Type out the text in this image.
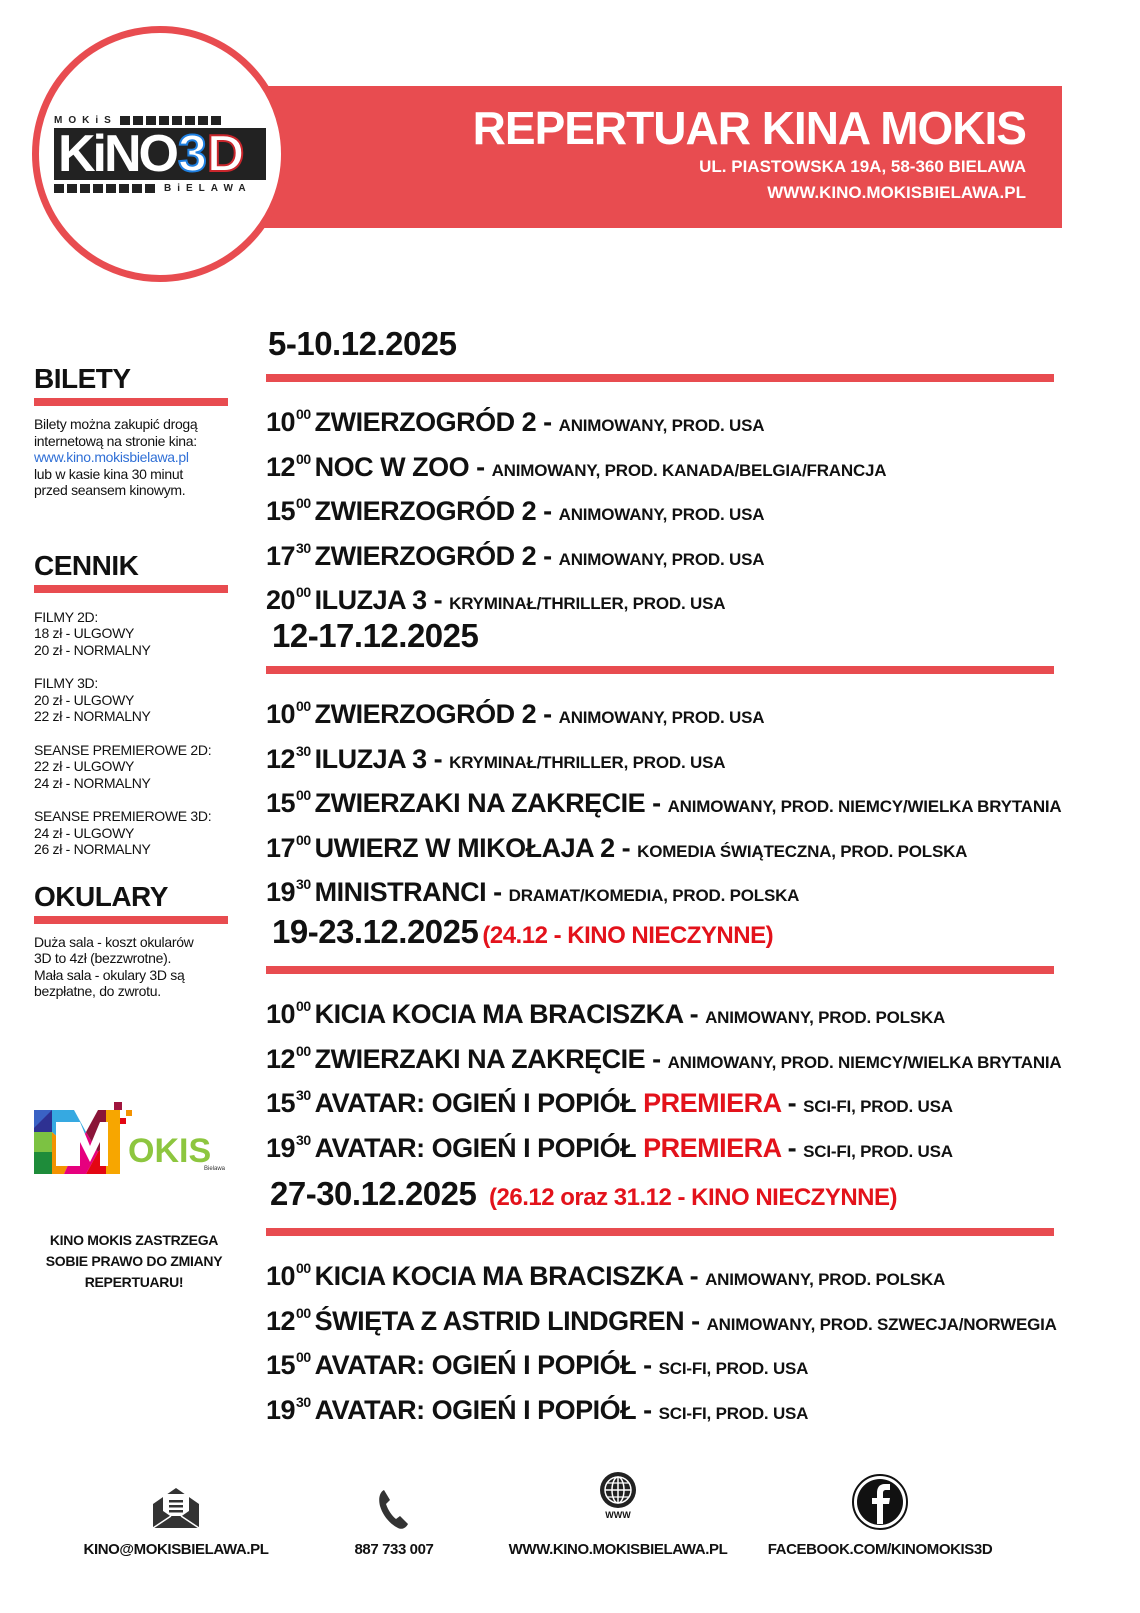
MOKiS
KiNO 3 D
BiELAWA
REPERTUAR KINA MOKIS
UL. PIASTOWSKA 19A, 58-360 BIELAWA
WWW.KINO.MOKISBIELAWA.PL
BILETY
Bilety można zakupić drogą
internetową na stronie kina:
www.kino.mokisbielawa.pl
lub w kasie kina 30 minut
przed seansem kinowym.
CENNIK
FILMY 2D:
18 zł - ULGOWY
20 zł - NORMALNY
FILMY 3D:
20 zł - ULGOWY
22 zł - NORMALNY
SEANSE PREMIEROWE 2D:
22 zł - ULGOWY
24 zł - NORMALNY
SEANSE PREMIEROWE 3D:
24 zł - ULGOWY
26 zł - NORMALNY
OKULARY
Duża sala - koszt okularów
3D to 4zł (bezzwrotne).
Mała sala - okulary 3D są
bezpłatne, do zwrotu.
OKIS
Bielawa
KINO MOKIS ZASTRZEGA
SOBIE PRAWO DO ZMIANY
REPERTUARU!
5-10.12.2025
$10^{00}$ ZWIERZOGRÓD 2 - ANIMOWANY, PROD. USA
$12^{00}$ NOC W ZOO - ANIMOWANY, PROD. KANADA/BELGIA/FRANCJA
$15^{00}$ ZWIERZOGRÓD 2 - ANIMOWANY, PROD. USA
$17^{30}$ ZWIERZOGRÓD 2 - ANIMOWANY, PROD. USA
$20^{00}$ ILUZJA 3 - KRYMINAŁ/THRILLER, PROD. USA
12-17.12.2025
$10^{00}$ ZWIERZOGRÓD 2 - ANIMOWANY, PROD. USA
$12^{30}$ ILUZJA 3 - KRYMINAŁ/THRILLER, PROD. USA
$15^{00}$ ZWIERZAKI NA ZAKRĘCIE - ANIMOWANY, PROD. NIEMCY/WIELKA BRYTANIA
$17^{00}$ UWIERZ W MIKOŁAJA 2 - KOMEDIA ŚWIĄTECZNA, PROD. POLSKA
$19^{30}$ MINISTRANCI - DRAMAT/KOMEDIA, PROD. POLSKA
19-23.12.2025 (24.12 - KINO NIECZYNNE)
$10^{00}$ KICIA KOCIA MA BRACISZKA - ANIMOWANY, PROD. POLSKA
$12^{00}$ ZWIERZAKI NA ZAKRĘCIE - ANIMOWANY, PROD. NIEMCY/WIELKA BRYTANIA
$15^{30}$ AVATAR: OGIEŃ I POPIÓŁ PREMIERA - SCI-FI, PROD. USA
$19^{30}$ AVATAR: OGIEŃ I POPIÓŁ PREMIERA - SCI-FI, PROD. USA
27-30.12.2025 (26.12 oraz 31.12 - KINO NIECZYNNE)
$10^{00}$ KICIA KOCIA MA BRACISZKA - ANIMOWANY, PROD. POLSKA
$12^{00}$ ŚWIĘTA Z ASTRID LINDGREN - ANIMOWANY, PROD. SZWECJA/NORWEGIA
$15^{00}$ AVATAR: OGIEŃ I POPIÓŁ - SCI-FI, PROD. USA
$19^{30}$ AVATAR: OGIEŃ I POPIÓŁ - SCI-FI, PROD. USA
KINO@MOKISBIELAWA.PL	887 733 007
WWW
WWW.KINO.MOKISBIELAWA.PL	FACEBOOK.COM/KINOMOKIS3D
